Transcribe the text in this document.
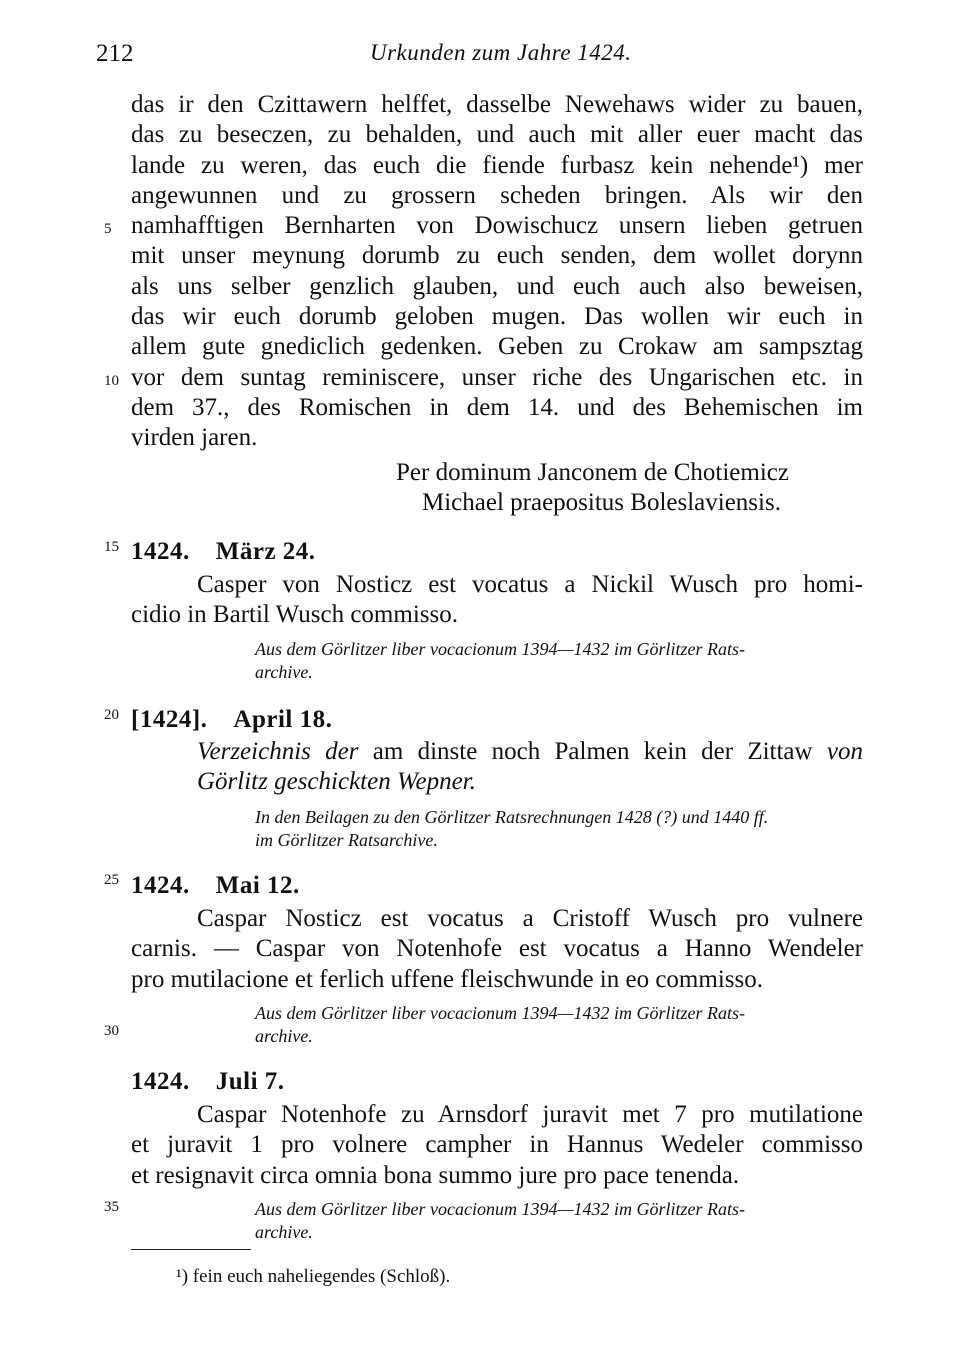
212	Urkunden zum Jahre 1424.
5
10
15
20
25
30
35
das ir den Czittawern helffet, dasselbe Newehaws wider zu bauen,
das zu beseczen, zu behalden, und auch mit aller euer macht das
lande zu weren, das euch die fiende furbasz kein nehende¹) mer
angewunnen und zu grossern scheden bringen. Als wir den
namhafftigen Bernharten von Dowischucz unsern lieben getruen
mit unser meynung dorumb zu euch senden, dem wollet dorynn
als uns selber genzlich glauben, und euch auch also beweisen,
das wir euch dorumb geloben mugen. Das wollen wir euch in
allem gute gnediclich gedenken. Geben zu Crokaw am sampsztag
vor dem suntag reminiscere, unser riche des Ungarischen etc. in
dem 37., des Romischen in dem 14. und des Behemischen im
virden jaren.
Per dominum Janconem de Chotiemicz
Michael praepositus Boleslaviensis.
1424. März 24.
Casper von Nosticz est vocatus a Nickil Wusch pro homi-
cidio in Bartil Wusch commisso.
Aus dem Görlitzer liber vocacionum 1394—1432 im Görlitzer Rats-
archive.
[1424]. April 18.
Verzeichnis der am dinste noch Palmen kein der Zittaw von
Görlitz geschickten Wepner.
In den Beilagen zu den Görlitzer Ratsrechnungen 1428 (?) und 1440 ff.
im Görlitzer Ratsarchive.
1424. Mai 12.
Caspar Nosticz est vocatus a Cristoff Wusch pro vulnere
carnis. — Caspar von Notenhofe est vocatus a Hanno Wendeler
pro mutilacione et ferlich uffene fleischwunde in eo commisso.
Aus dem Görlitzer liber vocacionum 1394—1432 im Görlitzer Rats-
archive.
1424. Juli 7.
Caspar Notenhofe zu Arnsdorf juravit met 7 pro mutilatione
et juravit 1 pro volnere campher in Hannus Wedeler commisso
et resignavit circa omnia bona summo jure pro pace tenenda.
Aus dem Görlitzer liber vocacionum 1394—1432 im Görlitzer Rats-
archive.
¹) fein euch naheliegendes (Schloß).
